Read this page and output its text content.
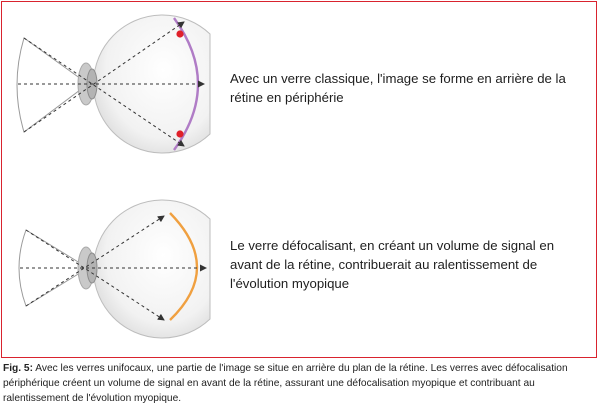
Avec un verre classique, l'image se forme en arrière de la rétine en périphérie
Le verre défocalisant, en créant un volume de signal en avant de la rétine, contribuerait au ralentissement de l'évolution myopique
Fig. 5: Avec les verres unifocaux, une partie de l'image se situe en arrière du plan de la rétine. Les verres avec défocalisation périphérique créent un volume de signal en avant de la rétine, assurant une défocalisation myopique et contribuant au ralentissement de l'évolution myopique.
